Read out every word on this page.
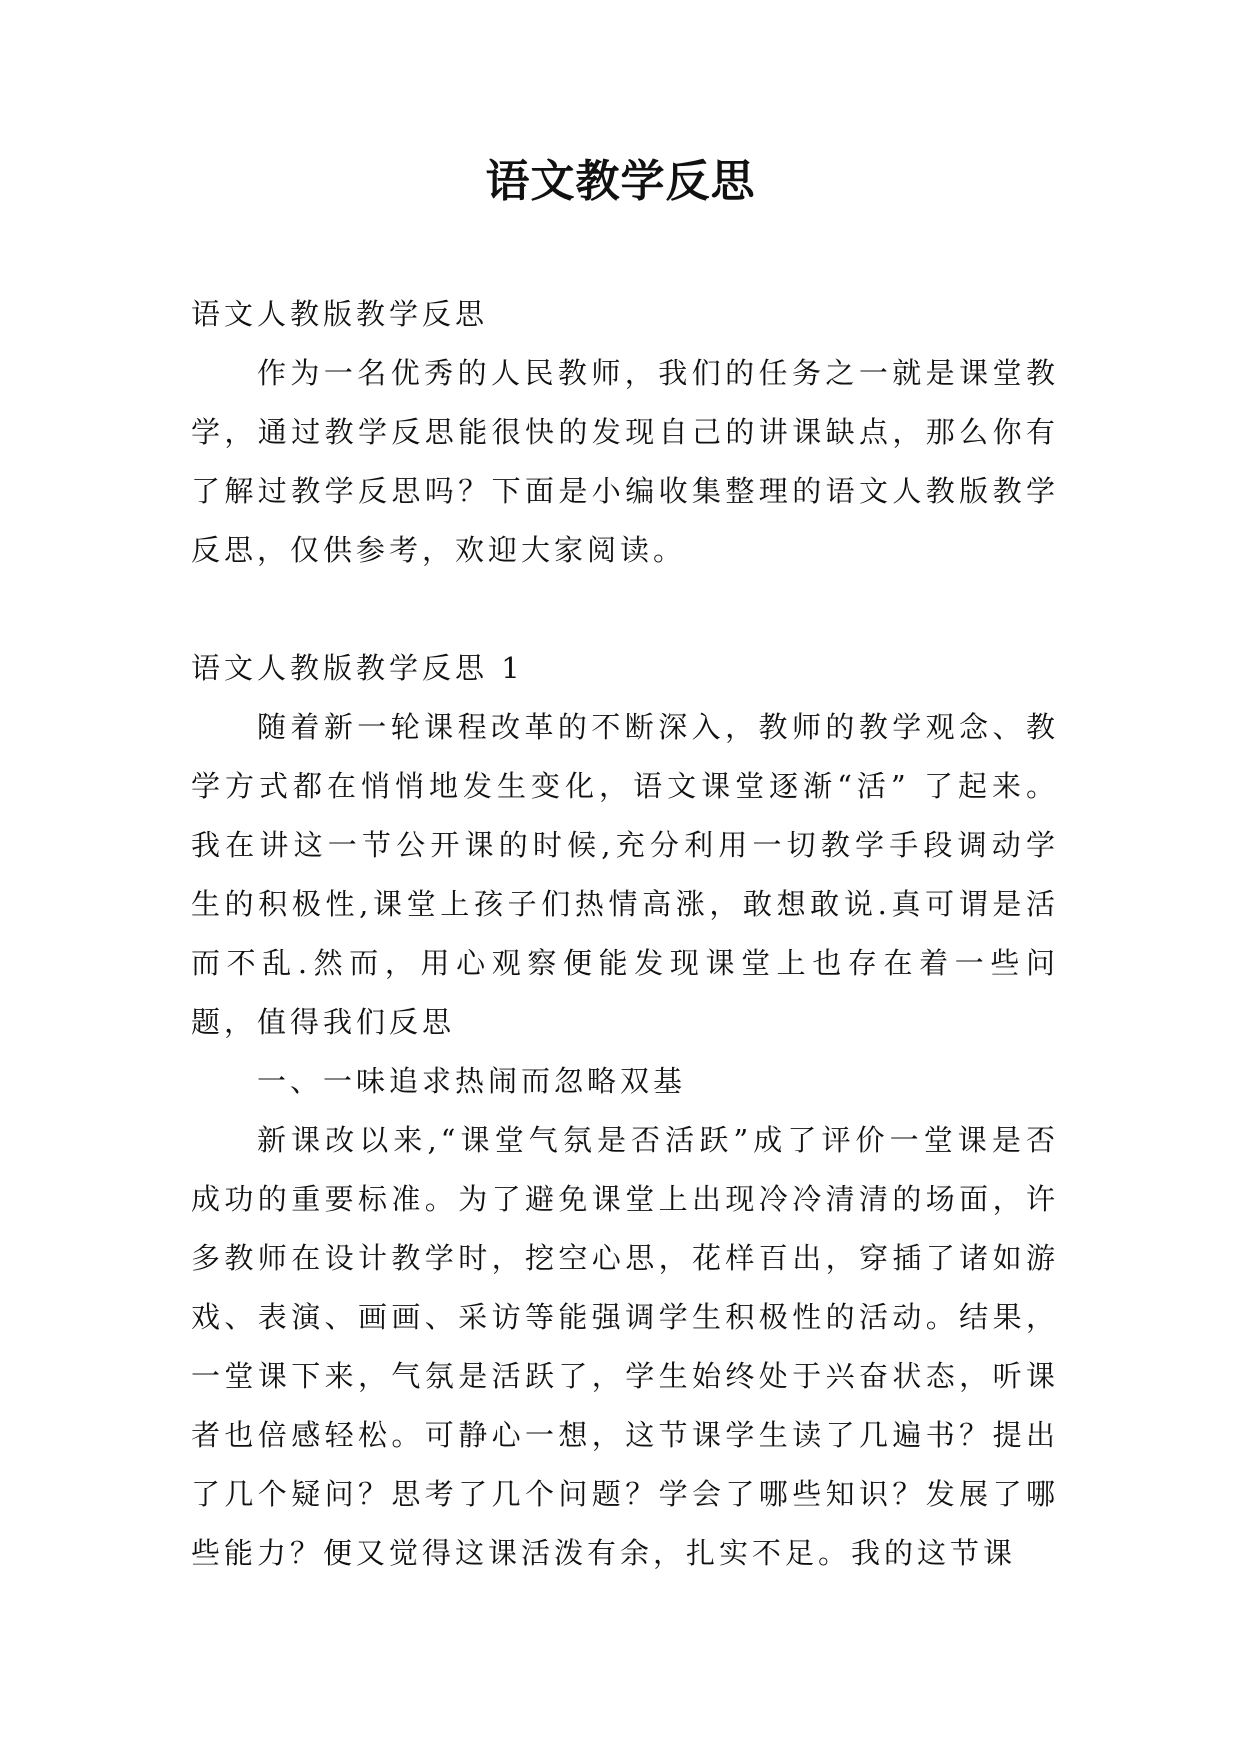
语文教学反思

语文人教版教学反思

作为一名优秀的人民教师，我们的任务之一就是课堂教学，通过教学反思能很快的发现自己的讲课缺点，那么你有了解过教学反思吗？下面是小编收集整理的语文人教版教学反思，仅供参考，欢迎大家阅读。

语文人教版教学反思 1

随着新一轮课程改革的不断深入，教师的教学观念、教学方式都在悄悄地发生变化，语文课堂逐渐“活” 了起来。我在讲这一节公开课的时候,充分利用一切教学手段调动学生的积极性,课堂上孩子们热情高涨，敢想敢说.真可谓是活而不乱.然而，用心观察便能发现课堂上也存在着一些问题，值得我们反思

一、一味追求热闹而忽略双基

新课改以来,“课堂气氛是否活跃”成了评价一堂课是否成功的重要标准。为了避免课堂上出现冷冷清清的场面，许多教师在设计教学时，挖空心思，花样百出，穿插了诸如游戏、表演、画画、采访等能强调学生积极性的活动。结果，一堂课下来，气氛是活跃了，学生始终处于兴奋状态，听课者也倍感轻松。可静心一想，这节课学生读了几遍书？提出了几个疑问？思考了几个问题？学会了哪些知识？发展了哪些能力？便又觉得这课活泼有余，扎实不足。我的这节课
